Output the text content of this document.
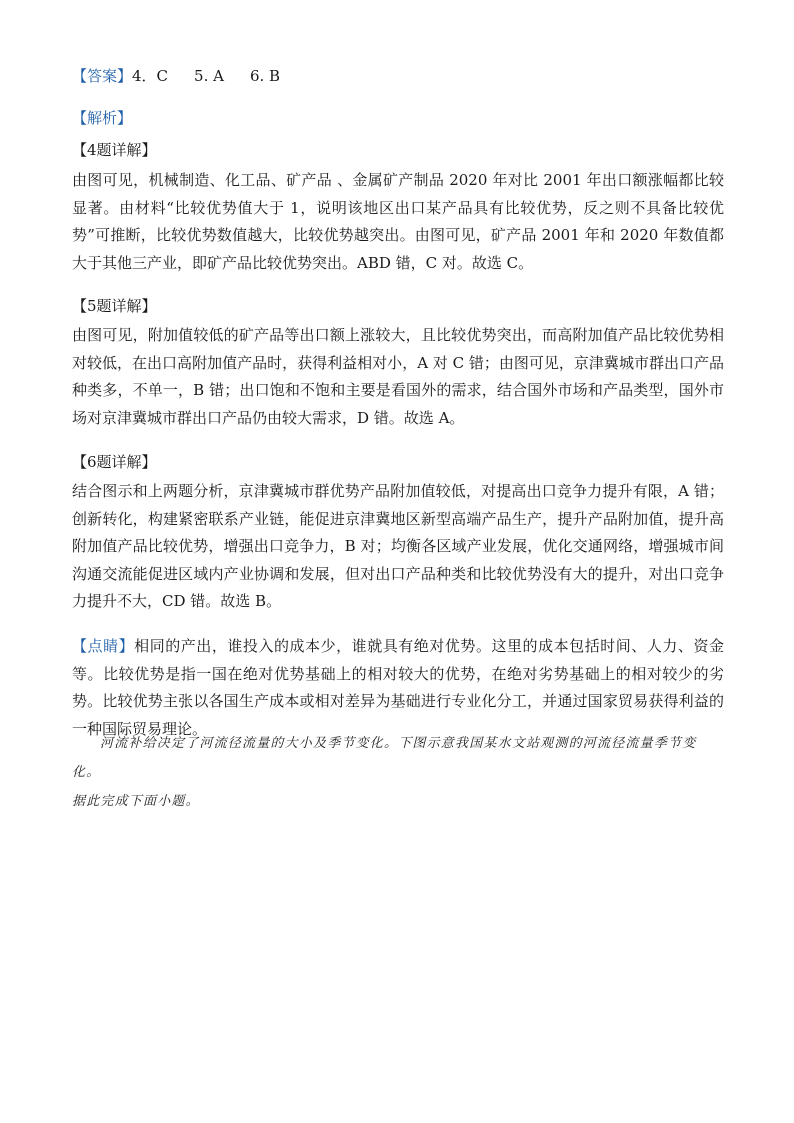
【答案】4．C 5. A 6. B
【解析】
【4题详解】
由图可见，机械制造、化工品、矿产品 、金属矿产制品 2020 年对比 2001 年出口额涨幅都比较显著。由材料“比较优势值大于 1，说明该地区出口某产品具有比较优势，反之则不具备比较优势”可推断，比较优势数值越大，比较优势越突出。由图可见，矿产品 2001 年和 2020 年数值都大于其他三产业，即矿产品比较优势突出。ABD 错，C 对。故选 C。
【5题详解】
由图可见，附加值较低的矿产品等出口额上涨较大，且比较优势突出，而高附加值产品比较优势相对较低，在出口高附加值产品时，获得利益相对小，A 对 C 错；由图可见，京津冀城市群出口产品种类多，不单一，B 错；出口饱和不饱和主要是看国外的需求，结合国外市场和产品类型，国外市场对京津冀城市群出口产品仍由较大需求，D 错。故选 A。
【6题详解】
结合图示和上两题分析，京津冀城市群优势产品附加值较低，对提高出口竞争力提升有限，A 错；创新转化，构建紧密联系产业链，能促进京津冀地区新型高端产品生产，提升产品附加值，提升高附加值产品比较优势，增强出口竞争力，B 对；均衡各区域产业发展，优化交通网络，增强城市间沟通交流能促进区域内产业协调和发展，但对出口产品种类和比较优势没有大的提升，对出口竞争力提升不大，CD 错。故选 B。
【点睛】相同的产出，谁投入的成本少，谁就具有绝对优势。这里的成本包括时间、人力、资金等。比较优势是指一国在绝对优势基础上的相对较大的优势，在绝对劣势基础上的相对较少的劣势。比较优势主张以各国生产成本或相对差异为基础进行专业化分工，并通过国家贸易获得利益的一种国际贸易理论。
河流补给决定了河流径流量的大小及季节变化。下图示意我国某水文站观测的河流径流量季节变化。
据此完成下面小题。
